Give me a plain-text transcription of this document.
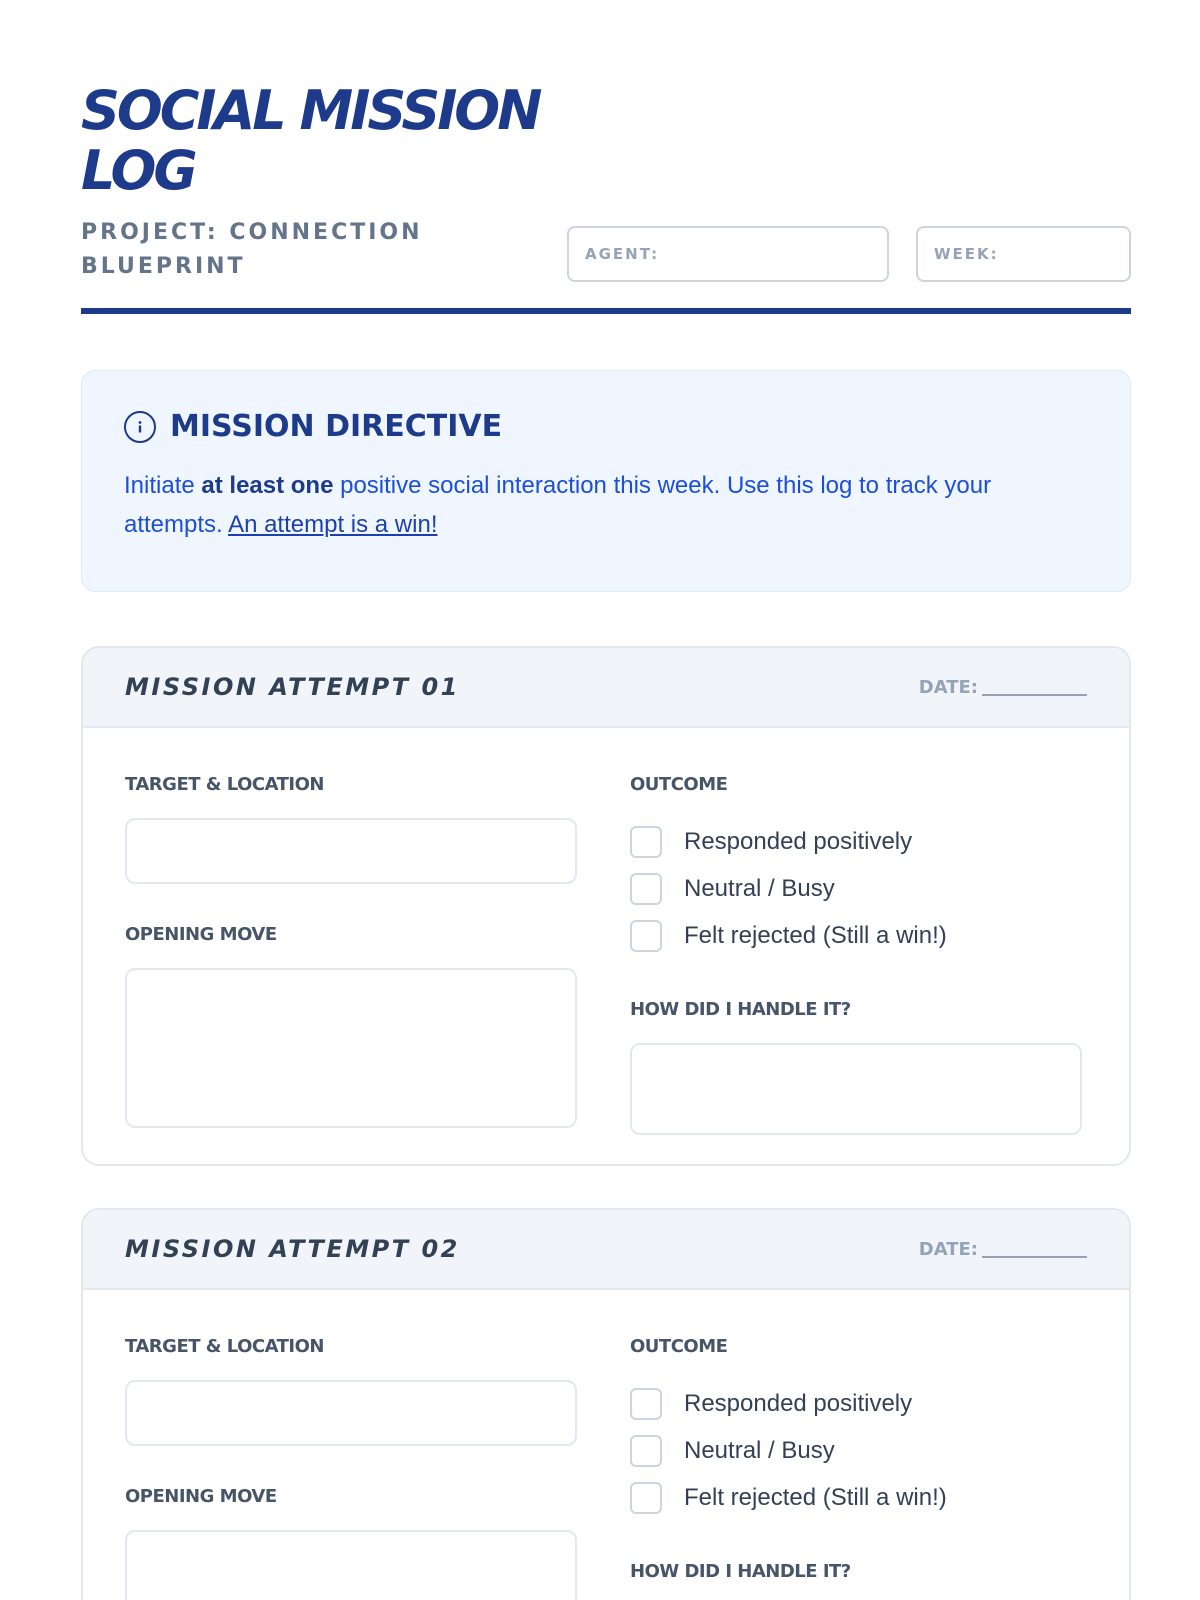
SOCIAL MISSION LOG
PROJECT: CONNECTION BLUEPRINT	AGENT:	WEEK:
MISSION DIRECTIVE

Initiate at least one positive social interaction this week. Use this log to track your attempts. An attempt is a win!

MISSION ATTEMPT 01	DATE:
TARGET & LOCATION
OPENING MOVE
OUTCOME
Responded positively
Neutral / Busy
Felt rejected (Still a win!)
HOW DID I HANDLE IT?
MISSION ATTEMPT 02	DATE:
TARGET & LOCATION
OPENING MOVE
OUTCOME
Responded positively
Neutral / Busy
Felt rejected (Still a win!)
HOW DID I HANDLE IT?
